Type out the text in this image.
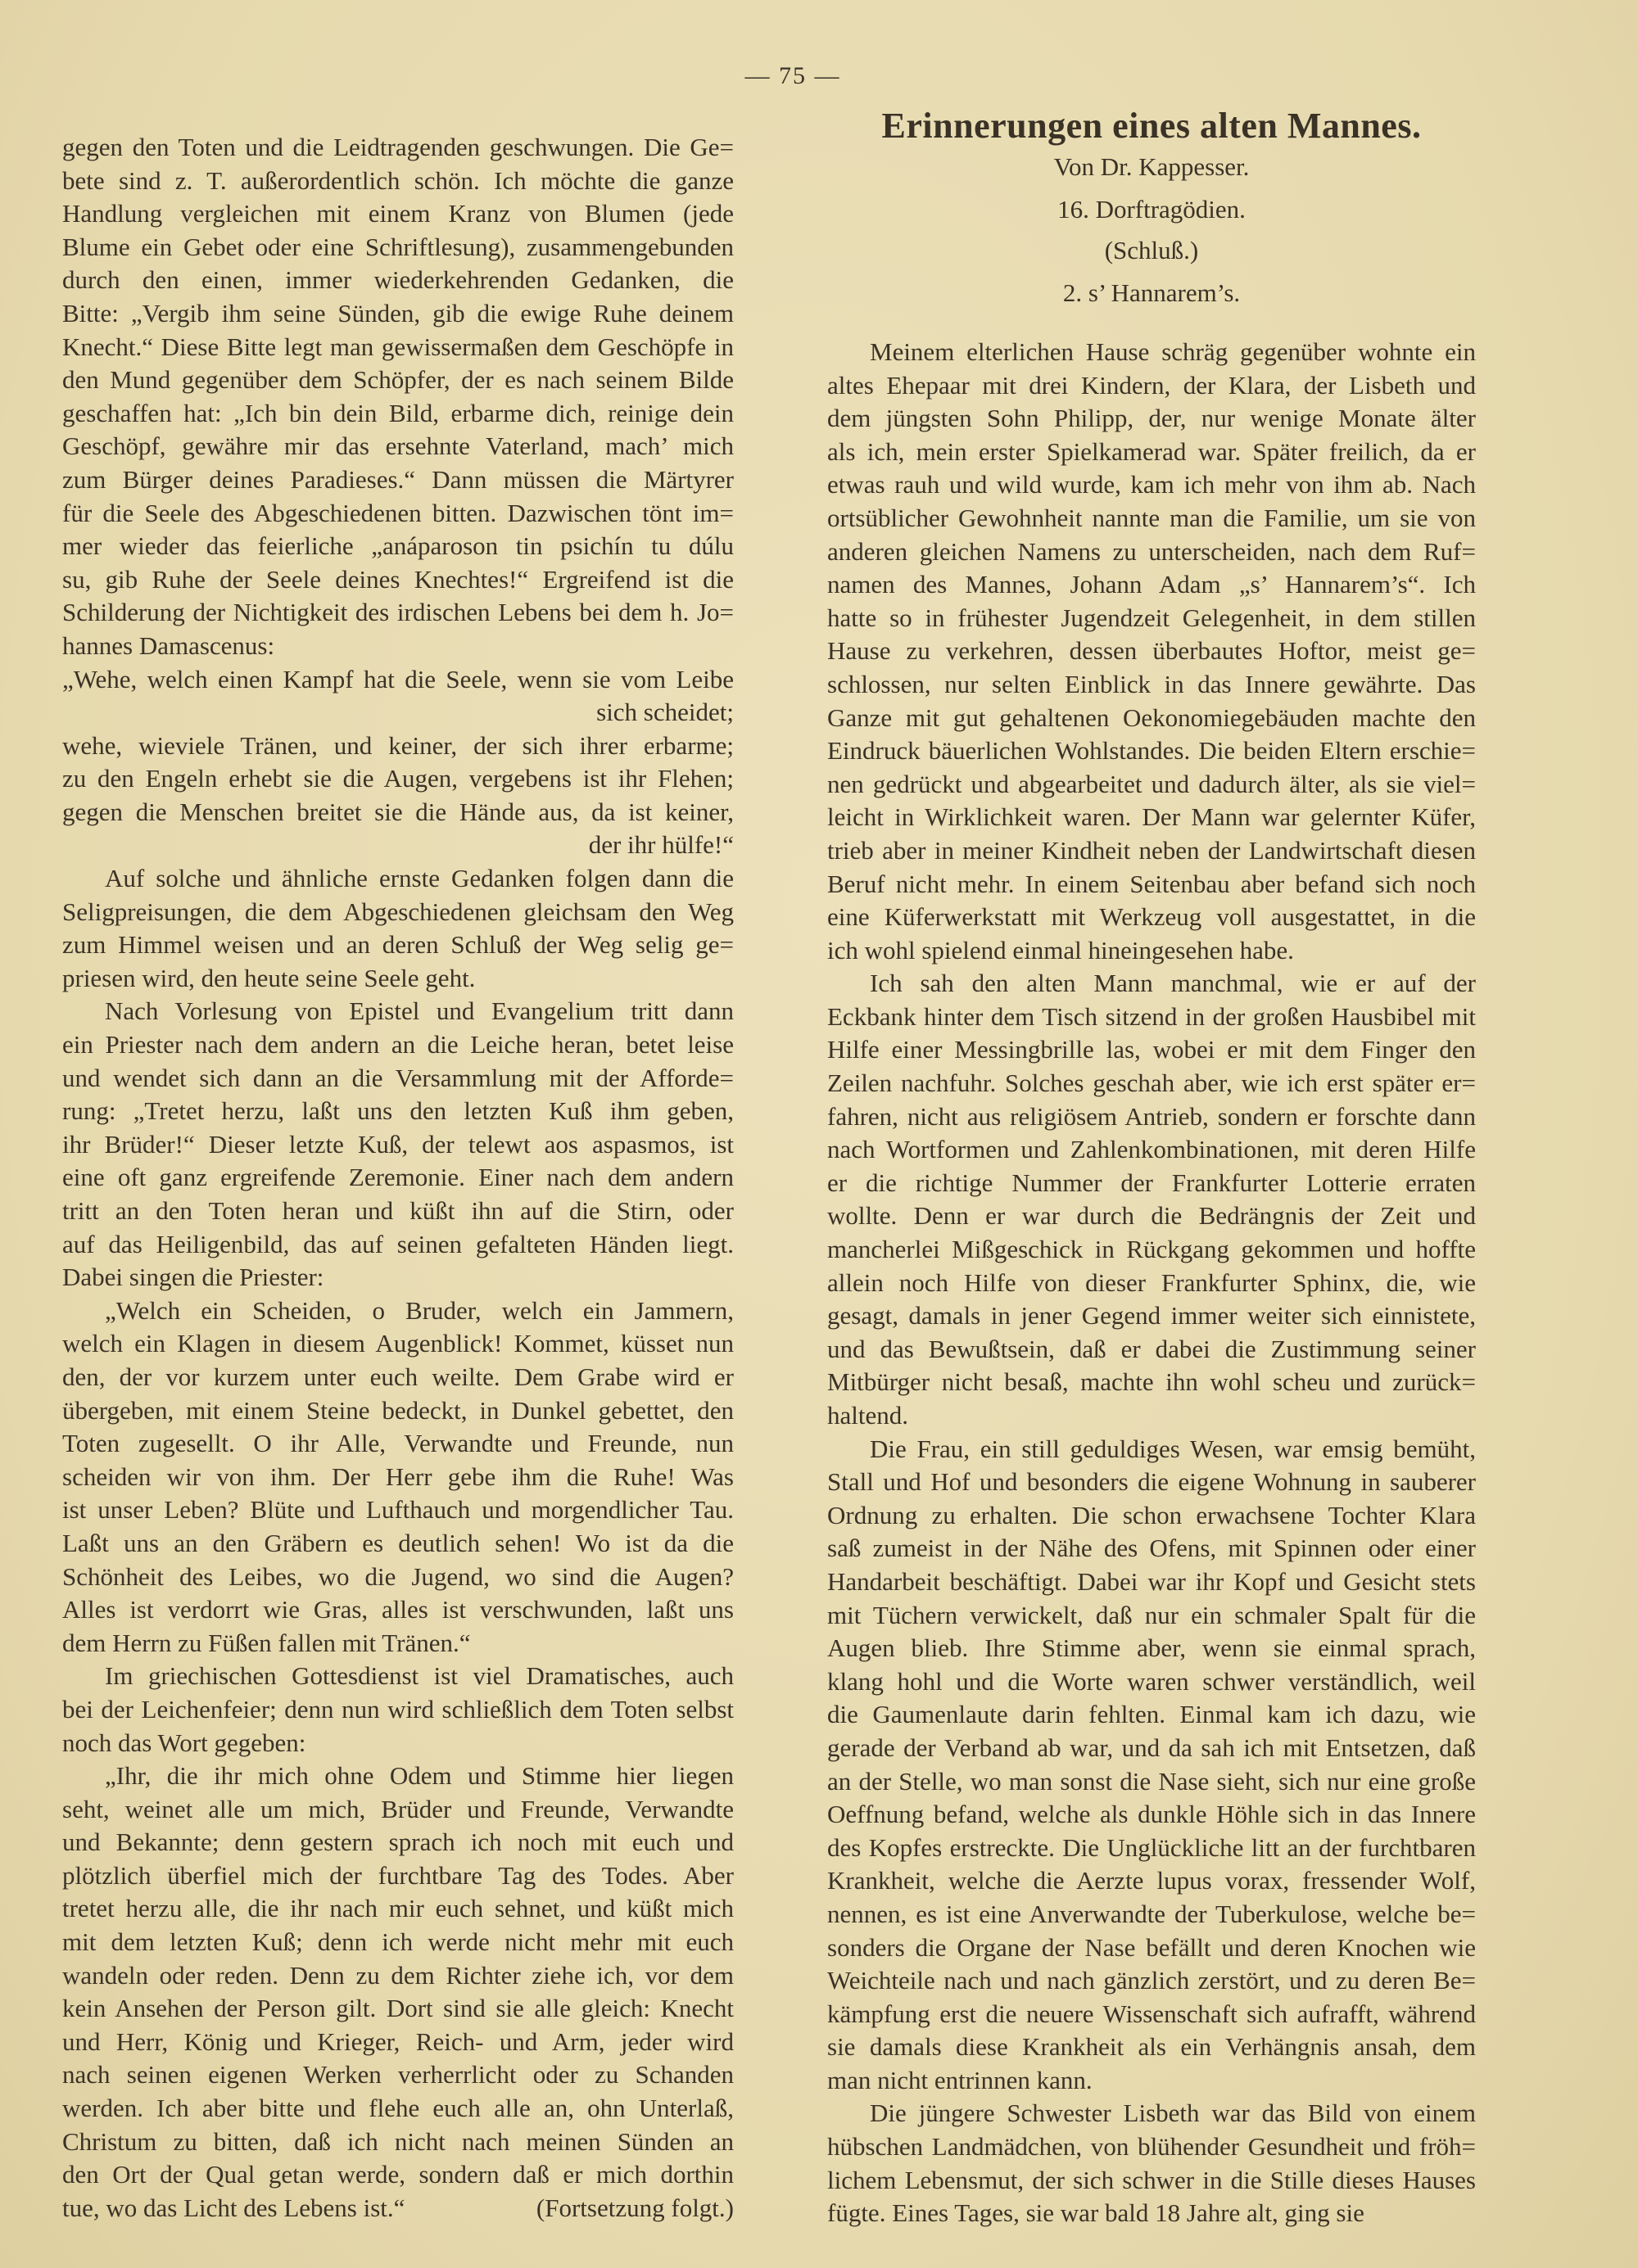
— 75 —
gegen den Toten und die Leidtragenden geschwungen. Die Ge=
bete sind z. T. außerordentlich schön. Ich möchte die ganze
Handlung vergleichen mit einem Kranz von Blumen (jede
Blume ein Gebet oder eine Schriftlesung), zusammengebunden
durch den einen, immer wiederkehrenden Gedanken, die
Bitte: „Vergib ihm seine Sünden, gib die ewige Ruhe deinem
Knecht.“ Diese Bitte legt man gewissermaßen dem Geschöpfe in
den Mund gegenüber dem Schöpfer, der es nach seinem Bilde
geschaffen hat: „Ich bin dein Bild, erbarme dich, reinige dein
Geschöpf, gewähre mir das ersehnte Vaterland, mach’ mich
zum Bürger deines Paradieses.“ Dann müssen die Märtyrer
für die Seele des Abgeschiedenen bitten. Dazwischen tönt im=
mer wieder das feierliche „anáparoson tin psichín tu dúlu
su, gib Ruhe der Seele deines Knechtes!“ Ergreifend ist die
Schilderung der Nichtigkeit des irdischen Lebens bei dem h. Jo=
hannes Damascenus:
„Wehe, welch einen Kampf hat die Seele, wenn sie vom Leibe
sich scheidet;
wehe, wieviele Tränen, und keiner, der sich ihrer erbarme;
zu den Engeln erhebt sie die Augen, vergebens ist ihr Flehen;
gegen die Menschen breitet sie die Hände aus, da ist keiner,
der ihr hülfe!“
Auf solche und ähnliche ernste Gedanken folgen dann die
Seligpreisungen, die dem Abgeschiedenen gleichsam den Weg
zum Himmel weisen und an deren Schluß der Weg selig ge=
priesen wird, den heute seine Seele geht.
Nach Vorlesung von Epistel und Evangelium tritt dann
ein Priester nach dem andern an die Leiche heran, betet leise
und wendet sich dann an die Versammlung mit der Afforde=
rung: „Tretet herzu, laßt uns den letzten Kuß ihm geben,
ihr Brüder!“ Dieser letzte Kuß, der telewt aos aspasmos, ist
eine oft ganz ergreifende Zeremonie. Einer nach dem andern
tritt an den Toten heran und küßt ihn auf die Stirn, oder
auf das Heiligenbild, das auf seinen gefalteten Händen liegt.
Dabei singen die Priester:
„Welch ein Scheiden, o Bruder, welch ein Jammern,
welch ein Klagen in diesem Augenblick! Kommet, küsset nun
den, der vor kurzem unter euch weilte. Dem Grabe wird er
übergeben, mit einem Steine bedeckt, in Dunkel gebettet, den
Toten zugesellt. O ihr Alle, Verwandte und Freunde, nun
scheiden wir von ihm. Der Herr gebe ihm die Ruhe! Was
ist unser Leben? Blüte und Lufthauch und morgendlicher Tau.
Laßt uns an den Gräbern es deutlich sehen! Wo ist da die
Schönheit des Leibes, wo die Jugend, wo sind die Augen?
Alles ist verdorrt wie Gras, alles ist verschwunden, laßt uns
dem Herrn zu Füßen fallen mit Tränen.“
Im griechischen Gottesdienst ist viel Dramatisches, auch
bei der Leichenfeier; denn nun wird schließlich dem Toten selbst
noch das Wort gegeben:
„Ihr, die ihr mich ohne Odem und Stimme hier liegen
seht, weinet alle um mich, Brüder und Freunde, Verwandte
und Bekannte; denn gestern sprach ich noch mit euch und
plötzlich überfiel mich der furchtbare Tag des Todes. Aber
tretet herzu alle, die ihr nach mir euch sehnet, und küßt mich
mit dem letzten Kuß; denn ich werde nicht mehr mit euch
wandeln oder reden. Denn zu dem Richter ziehe ich, vor dem
kein Ansehen der Person gilt. Dort sind sie alle gleich: Knecht
und Herr, König und Krieger, Reich- und Arm, jeder wird
nach seinen eigenen Werken verherrlicht oder zu Schanden
werden. Ich aber bitte und flehe euch alle an, ohn Unterlaß,
Christum zu bitten, daß ich nicht nach meinen Sünden an
den Ort der Qual getan werde, sondern daß er mich dorthin
tue, wo das Licht des Lebens ist.“	(Fortsetzung folgt.)
Erinnerungen eines alten Mannes.
Von Dr. Kappesser.
16. Dorftragödien.
(Schluß.)
2. s’ Hannarem’s.
Meinem elterlichen Hause schräg gegenüber wohnte ein
altes Ehepaar mit drei Kindern, der Klara, der Lisbeth und
dem jüngsten Sohn Philipp, der, nur wenige Monate älter
als ich, mein erster Spielkamerad war. Später freilich, da er
etwas rauh und wild wurde, kam ich mehr von ihm ab. Nach
ortsüblicher Gewohnheit nannte man die Familie, um sie von
anderen gleichen Namens zu unterscheiden, nach dem Ruf=
namen des Mannes, Johann Adam „s’ Hannarem’s“. Ich
hatte so in frühester Jugendzeit Gelegenheit, in dem stillen
Hause zu verkehren, dessen überbautes Hoftor, meist ge=
schlossen, nur selten Einblick in das Innere gewährte. Das
Ganze mit gut gehaltenen Oekonomiegebäuden machte den
Eindruck bäuerlichen Wohlstandes. Die beiden Eltern erschie=
nen gedrückt und abgearbeitet und dadurch älter, als sie viel=
leicht in Wirklichkeit waren. Der Mann war gelernter Küfer,
trieb aber in meiner Kindheit neben der Landwirtschaft diesen
Beruf nicht mehr. In einem Seitenbau aber befand sich noch
eine Küferwerkstatt mit Werkzeug voll ausgestattet, in die
ich wohl spielend einmal hineingesehen habe.
Ich sah den alten Mann manchmal, wie er auf der
Eckbank hinter dem Tisch sitzend in der großen Hausbibel mit
Hilfe einer Messingbrille las, wobei er mit dem Finger den
Zeilen nachfuhr. Solches geschah aber, wie ich erst später er=
fahren, nicht aus religiösem Antrieb, sondern er forschte dann
nach Wortformen und Zahlenkombinationen, mit deren Hilfe
er die richtige Nummer der Frankfurter Lotterie erraten
wollte. Denn er war durch die Bedrängnis der Zeit und
mancherlei Mißgeschick in Rückgang gekommen und hoffte
allein noch Hilfe von dieser Frankfurter Sphinx, die, wie
gesagt, damals in jener Gegend immer weiter sich einnistete,
und das Bewußtsein, daß er dabei die Zustimmung seiner
Mitbürger nicht besaß, machte ihn wohl scheu und zurück=
haltend.
Die Frau, ein still geduldiges Wesen, war emsig bemüht,
Stall und Hof und besonders die eigene Wohnung in sauberer
Ordnung zu erhalten. Die schon erwachsene Tochter Klara
saß zumeist in der Nähe des Ofens, mit Spinnen oder einer
Handarbeit beschäftigt. Dabei war ihr Kopf und Gesicht stets
mit Tüchern verwickelt, daß nur ein schmaler Spalt für die
Augen blieb. Ihre Stimme aber, wenn sie einmal sprach,
klang hohl und die Worte waren schwer verständlich, weil
die Gaumenlaute darin fehlten. Einmal kam ich dazu, wie
gerade der Verband ab war, und da sah ich mit Entsetzen, daß
an der Stelle, wo man sonst die Nase sieht, sich nur eine große
Oeffnung befand, welche als dunkle Höhle sich in das Innere
des Kopfes erstreckte. Die Unglückliche litt an der furchtbaren
Krankheit, welche die Aerzte lupus vorax, fressender Wolf,
nennen, es ist eine Anverwandte der Tuberkulose, welche be=
sonders die Organe der Nase befällt und deren Knochen wie
Weichteile nach und nach gänzlich zerstört, und zu deren Be=
kämpfung erst die neuere Wissenschaft sich aufrafft, während
sie damals diese Krankheit als ein Verhängnis ansah, dem
man nicht entrinnen kann.
Die jüngere Schwester Lisbeth war das Bild von einem
hübschen Landmädchen, von blühender Gesundheit und fröh=
lichem Lebensmut, der sich schwer in die Stille dieses Hauses
fügte. Eines Tages, sie war bald 18 Jahre alt, ging sie
